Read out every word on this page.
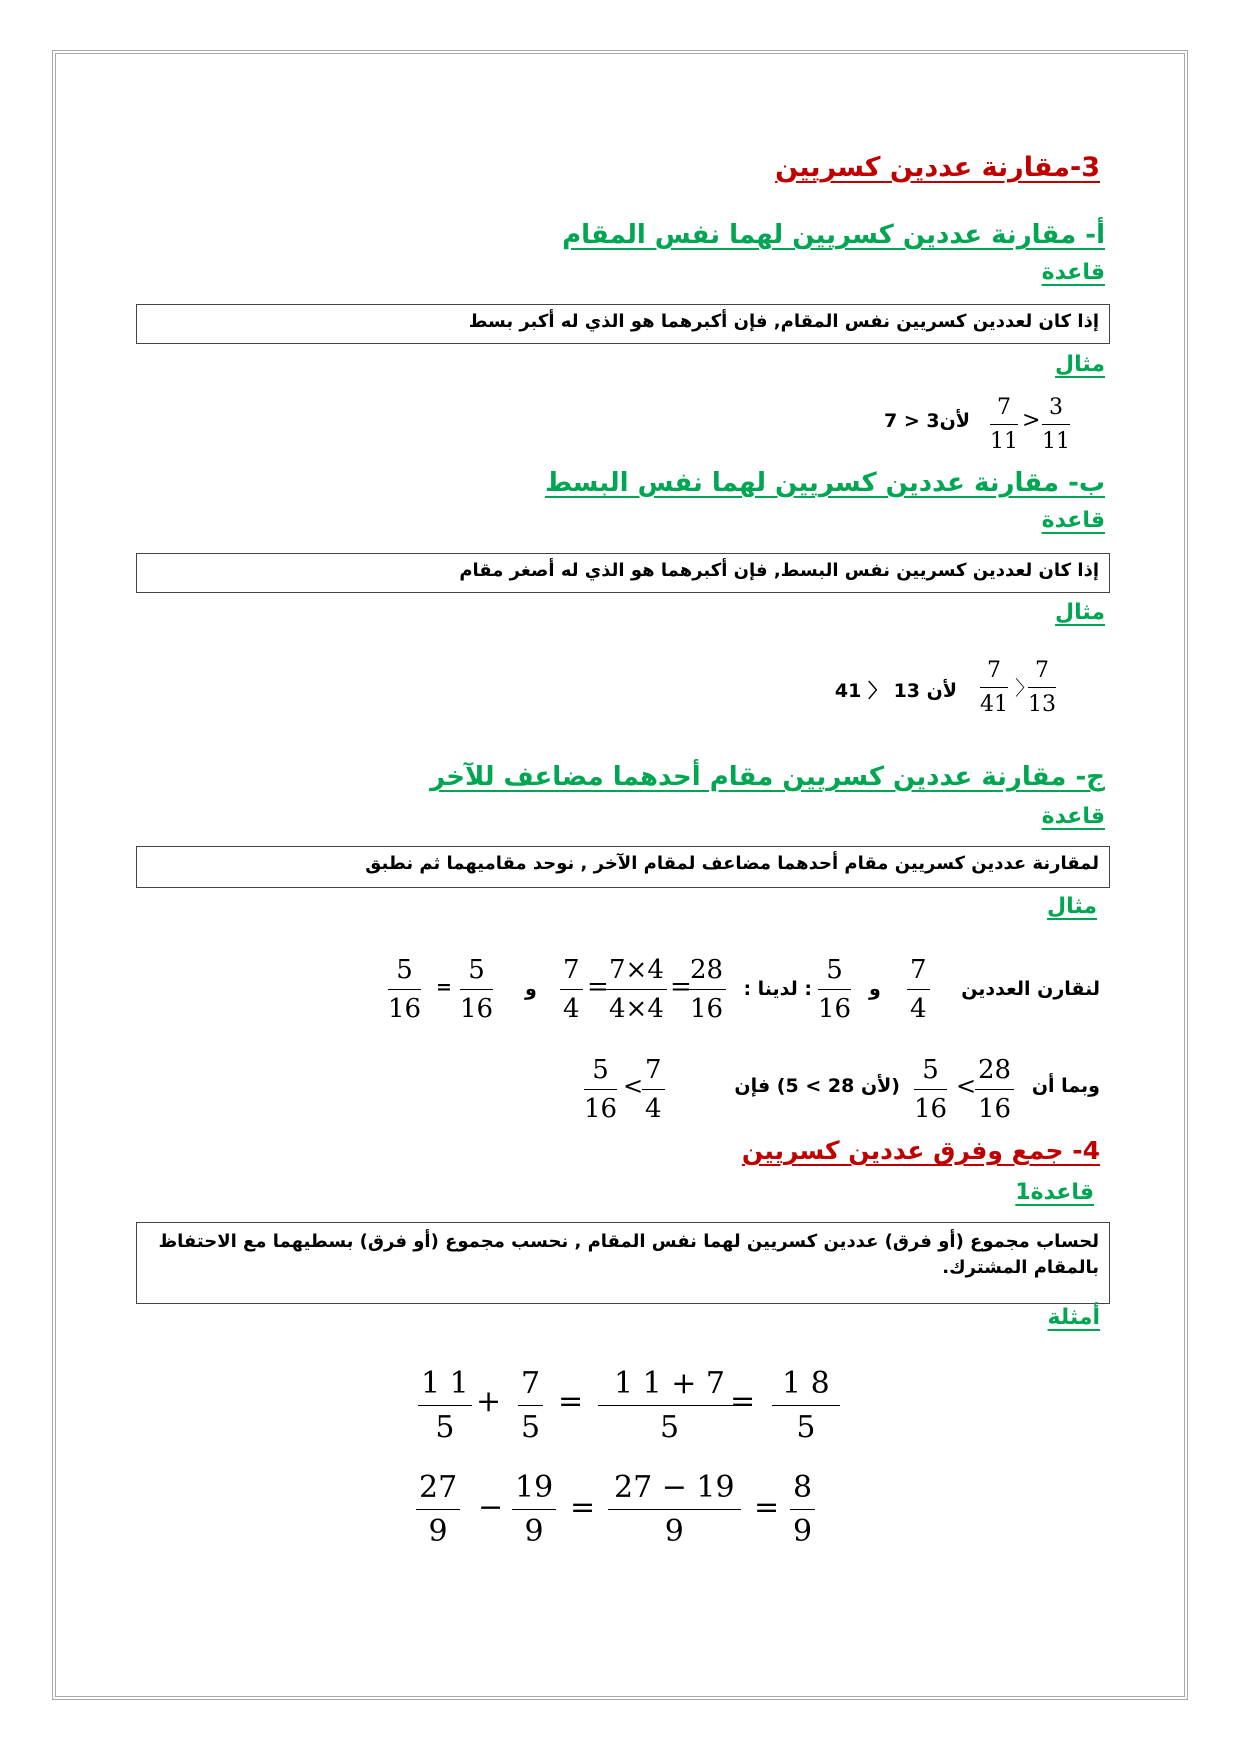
3-مقارنة عددين كسريين
أ- مقارنة عددين كسريين لهما نفس المقام
قاعدة
إذا كان لعددين كسريين نفس المقام, فإن أكبرهما هو الذي له أكبر بسط
مثال
$\frac{3}{11}$
>
$\frac{7}{11}$
لأن3 < 7
ب- مقارنة عددين كسريين لهما نفس البسط
قاعدة
إذا كان لعددين كسريين نفس البسط, فإن أكبرهما هو الذي له أصغر مقام
مثال
$\frac{7}{13}$
〉
$\frac{7}{41}$
لأن 13 〈 41
ج- مقارنة عددين كسريين مقام أحدهما مضاعف للآخر
قاعدة
لمقارنة عددين كسريين مقام أحدهما مضاعف لمقام الآخر , نوحد مقاميهما ثم نطبق
مثال
لنقارن العددين
$\frac{7}{4}$
و
$\frac{5}{16}$
: لدينا :
$\frac{28}{16}$
=
$\frac{7\times 4}{4\times 4}$
=
$\frac{7}{4}$
و
$\frac{5}{16}$
=
$\frac{5}{16}$
وبما أن
$\frac{28}{16}$
<
$\frac{5}{16}$
(لأن 28 > 5) فإن
$\frac{7}{4}$
<
$\frac{5}{16}$
4- جمع وفرق عددين كسريين
قاعدة1
لحساب مجموع (أو فرق) عددين كسريين لهما نفس المقام , نحسب مجموع (أو فرق) بسطيهما مع الاحتفاظ بالمقام المشترك.
أمثلة
$\frac{1 1}{5} + \frac{7}{5} = \frac{1 1 + 7}{5}$
= $\frac{1 8}{5}$
$\frac{27}{9} - \frac{19}{9} = \frac{27 - 19}{9} = \frac{8}{9}$
